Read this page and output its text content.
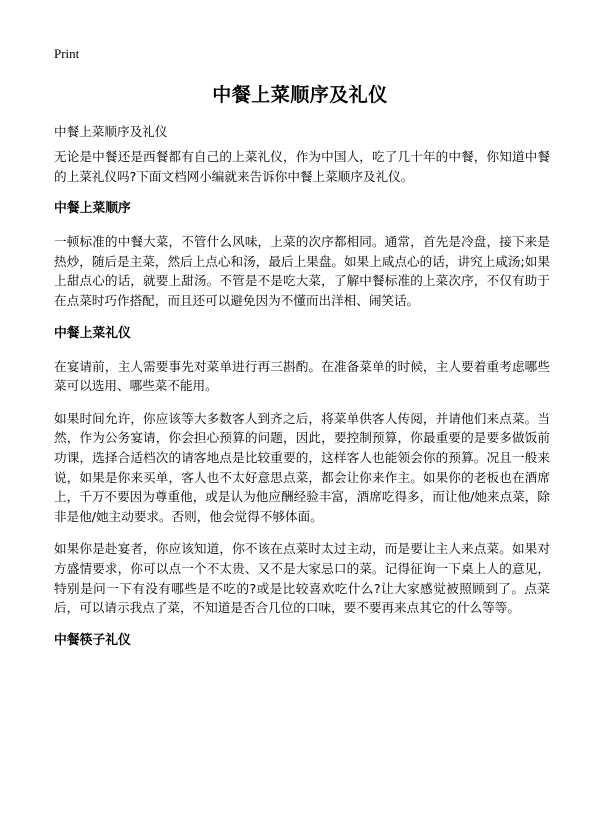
Print
中餐上菜顺序及礼仪
中餐上菜顺序及礼仪

无论是中餐还是西餐都有自己的上菜礼仪，作为中国人，吃了几十年的中餐，你知道中餐的上菜礼仪吗?下面文档网小编就来告诉你中餐上菜顺序及礼仪。

中餐上菜顺序

一顿标准的中餐大菜，不管什么风味，上菜的次序都相同。通常，首先是冷盘，接下来是热炒，随后是主菜，然后上点心和汤，最后上果盘。如果上咸点心的话，讲究上咸汤;如果上甜点心的话，就要上甜汤。不管是不是吃大菜，了解中餐标准的上菜次序，不仅有助于在点菜时巧作搭配，而且还可以避免因为不懂而出洋相、闹笑话。

中餐上菜礼仪

在宴请前，主人需要事先对菜单进行再三斟酌。在准备菜单的时候，主人要着重考虑哪些菜可以选用、哪些菜不能用。

如果时间允许，你应该等大多数客人到齐之后，将菜单供客人传阅，并请他们来点菜。当然，作为公务宴请，你会担心预算的问题，因此，要控制预算，你最重要的是要多做饭前功课，选择合适档次的请客地点是比较重要的，这样客人也能领会你的预算。况且一般来说，如果是你来买单，客人也不太好意思点菜，都会让你来作主。如果你的老板也在酒席上，千万不要因为尊重他，或是认为他应酬经验丰富，酒席吃得多，而让他/她来点菜，除非是他/她主动要求。否则，他会觉得不够体面。

如果你是赴宴者，你应该知道，你不该在点菜时太过主动，而是要让主人来点菜。如果对方盛情要求，你可以点一个不太贵、又不是大家忌口的菜。记得征询一下桌上人的意见，特别是问一下有没有哪些是不吃的?或是比较喜欢吃什么?让大家感觉被照顾到了。点菜后，可以请示我点了菜，不知道是否合几位的口味，要不要再来点其它的什么等等。

中餐筷子礼仪
